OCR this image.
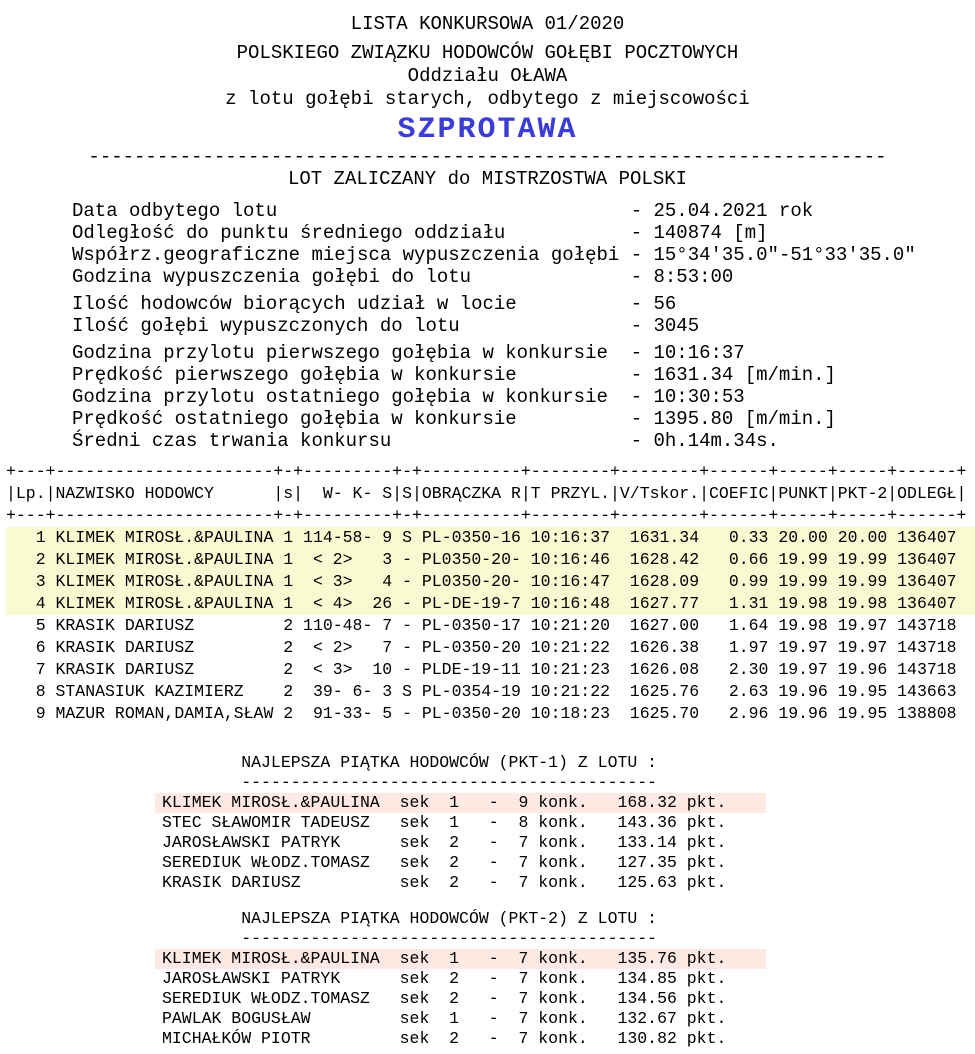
LISTA KONKURSOWA 01/2020
POLSKIEGO ZWIĄZKU HODOWCÓW GOŁĘBI POCZTOWYCH
Oddziału OŁAWA
z lotu gołębi starych, odbytego z miejscowości
SZPROTAWA
----------------------------------------------------------------------
LOT ZALICZANY do MISTRZOSTWA POLSKI
Data odbytego lotu                               - 25.04.2021 rok
Odległość do punktu średniego oddziału           - 140874 [m]
Współrz.geograficzne miejsca wypuszczenia gołębi - 15°34'35.0"-51°33'35.0"
Godzina wypuszczenia gołębi do lotu              - 8:53:00
Ilość hodowców biorących udział w locie          - 56
Ilość gołębi wypuszczonych do lotu               - 3045
Godzina przylotu pierwszego gołębia w konkursie  - 10:16:37
Prędkość pierwszego gołębia w konkursie          - 1631.34 [m/min.]
Godzina przylotu ostatniego gołębia w konkursie  - 10:30:53
Prędkość ostatniego gołębia w konkursie          - 1395.80 [m/min.]
Średni czas trwania konkursu                     - 0h.14m.34s.
+---+----------------------+-+---------+-+----------+--------+--------+------+-----+-----+------+
|Lp.|NAZWISKO HODOWCY      |s|  W- K- S|S|OBRĄCZKA R|T PRZYL.|V/Tskor.|COEFIC|PUNKT|PKT-2|ODLEGŁ|
+---+----------------------+-+---------+-+----------+--------+--------+------+-----+-----+------+
1 KLIMEK MIROSŁ.&PAULINA 1 114-58- 9 S PL-0350-16 10:16:37  1631.34   0.33 20.00 20.00 136407
2 KLIMEK MIROSŁ.&PAULINA 1  < 2>   3 - PL0350-20- 10:16:46  1628.42   0.66 19.99 19.99 136407
3 KLIMEK MIROSŁ.&PAULINA 1  < 3>   4 - PL0350-20- 10:16:47  1628.09   0.99 19.99 19.99 136407
4 KLIMEK MIROSŁ.&PAULINA 1  < 4>  26 - PL-DE-19-7 10:16:48  1627.77   1.31 19.98 19.98 136407
5 KRASIK DARIUSZ         2 110-48- 7 - PL-0350-17 10:21:20  1627.00   1.64 19.98 19.97 143718
6 KRASIK DARIUSZ         2  < 2>   7 - PL-0350-20 10:21:22  1626.38   1.97 19.97 19.97 143718
7 KRASIK DARIUSZ         2  < 3>  10 - PLDE-19-11 10:21:23  1626.08   2.30 19.97 19.96 143718
8 STANASIUK KAZIMIERZ    2  39- 6- 3 S PL-0354-19 10:21:22  1625.76   2.63 19.96 19.95 143663
9 MAZUR ROMAN,DAMIA,SŁAW 2  91-33- 5 - PL-0350-20 10:18:23  1625.70   2.96 19.96 19.95 138808
NAJLEPSZA PIĄTKA HODOWCÓW (PKT-1) Z LOTU :
------------------------------------------
KLIMEK MIROSŁ.&PAULINA  sek  1   -  9 konk.   168.32 pkt.
STEC SŁAWOMIR TADEUSZ   sek  1   -  8 konk.   143.36 pkt.
JAROSŁAWSKI PATRYK      sek  2   -  7 konk.   133.14 pkt.
SEREDIUK WŁODZ.TOMASZ   sek  2   -  7 konk.   127.35 pkt.
KRASIK DARIUSZ          sek  2   -  7 konk.   125.63 pkt.
NAJLEPSZA PIĄTKA HODOWCÓW (PKT-2) Z LOTU :
------------------------------------------
KLIMEK MIROSŁ.&PAULINA  sek  1   -  7 konk.   135.76 pkt.
JAROSŁAWSKI PATRYK      sek  2   -  7 konk.   134.85 pkt.
SEREDIUK WŁODZ.TOMASZ   sek  2   -  7 konk.   134.56 pkt.
PAWLAK BOGUSŁAW         sek  1   -  7 konk.   132.67 pkt.
MICHAŁKÓW PIOTR         sek  2   -  7 konk.   130.82 pkt.
